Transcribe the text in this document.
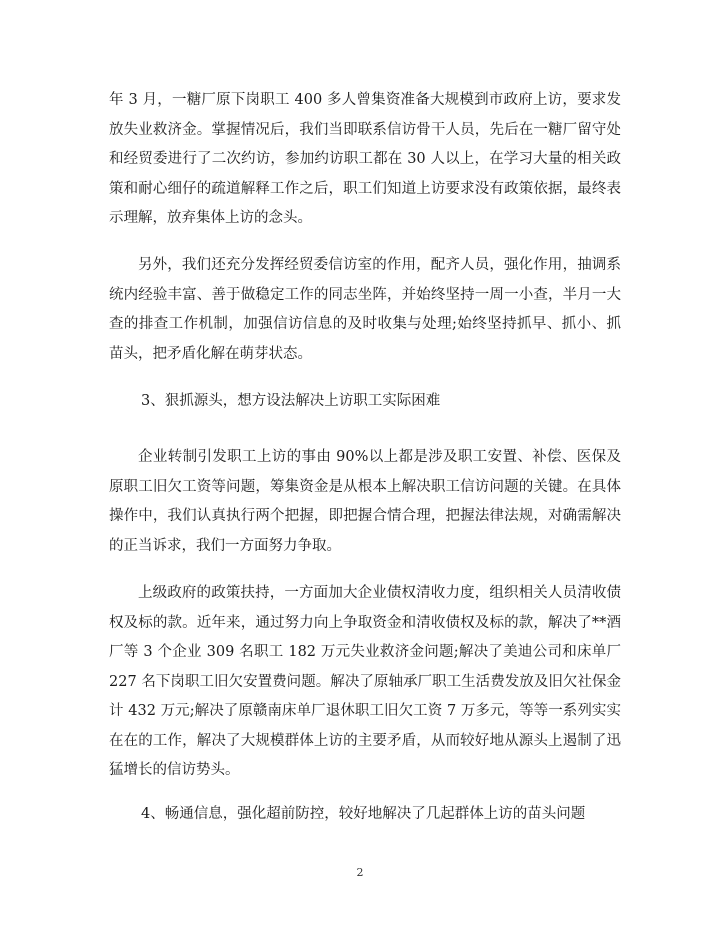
年 3 月，一糖厂原下岗职工 400 多人曾集资准备大规模到市政府上访，要求发放失业救济金。掌握情况后，我们当即联系信访骨干人员，先后在一糖厂留守处和经贸委进行了二次约访，参加约访职工都在 30 人以上，在学习大量的相关政策和耐心细仔的疏道解释工作之后，职工们知道上访要求没有政策依据，最终表示理解，放弃集体上访的念头。

另外，我们还充分发挥经贸委信访室的作用，配齐人员，强化作用，抽调系统内经验丰富、善于做稳定工作的同志坐阵，并始终坚持一周一小查，半月一大查的排查工作机制，加强信访信息的及时收集与处理;始终坚持抓早、抓小、抓苗头，把矛盾化解在萌芽状态。

3、狠抓源头，想方设法解决上访职工实际困难

企业转制引发职工上访的事由 90%以上都是涉及职工安置、补偿、医保及原职工旧欠工资等问题，筹集资金是从根本上解决职工信访问题的关键。在具体操作中，我们认真执行两个把握，即把握合情合理，把握法律法规，对确需解决的正当诉求，我们一方面努力争取。

上级政府的政策扶持，一方面加大企业债权清收力度，组织相关人员清收债权及标的款。近年来，通过努力向上争取资金和清收债权及标的款，解决了**酒厂等 3 个企业 309 名职工 182 万元失业救济金问题;解决了美迪公司和床单厂 227 名下岗职工旧欠安置费问题。解决了原轴承厂职工生活费发放及旧欠社保金计 432 万元;解决了原赣南床单厂退休职工旧欠工资 7 万多元，等等一系列实实在在的工作，解决了大规模群体上访的主要矛盾，从而较好地从源头上遏制了迅猛增长的信访势头。

4、畅通信息，强化超前防控，较好地解决了几起群体上访的苗头问题

2
